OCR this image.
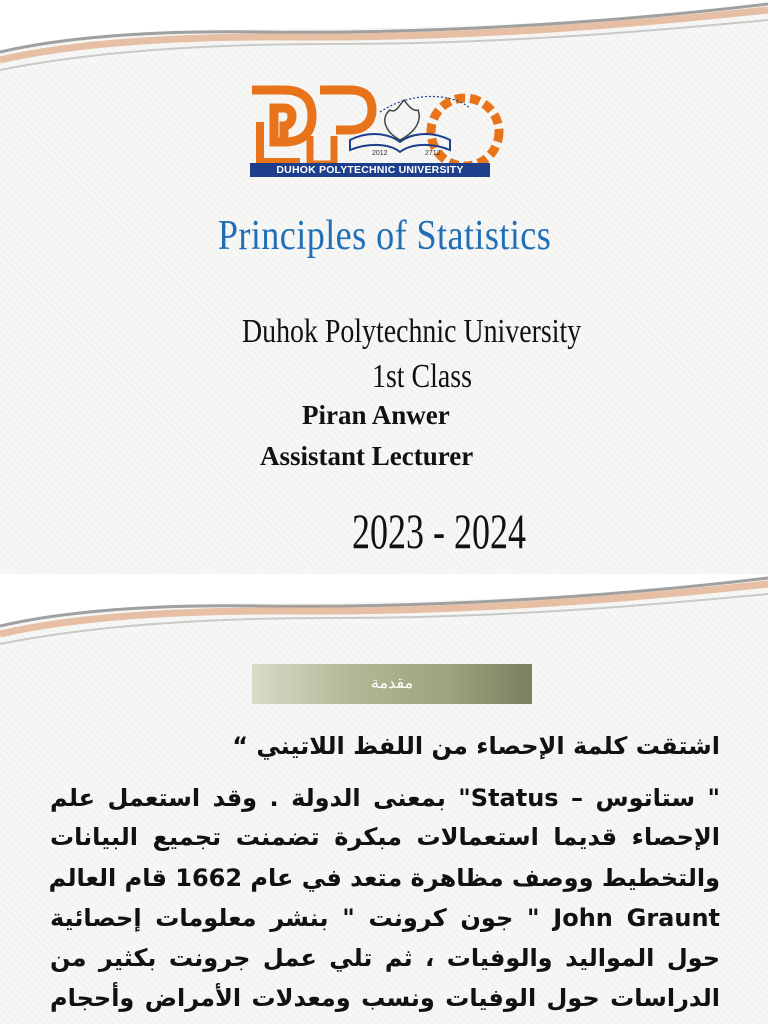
2012	2712
DUHOK POLYTECHNIC UNIVERSITY
Principles of Statistics
Duhok Polytechnic University
1st Class
Piran Anwer
Assistant Lecturer
2023 - 2024
مقدمة
اشتقت كلمة الإحصاء من اللفظ اللاتيني “
" ستاتوس – Status" بمعنى الدولة . وقد استعمل علم
الإحصاء قديما استعمالات مبكرة تضمنت تجميع البيانات
والتخطيط ووصف مظاهرة متعد في عام 1662 قام العالم
John Graunt " جون كرونت " بنشر معلومات إحصائية
حول المواليد والوفيات ، ثم تلي عمل جرونت بكثير من
الدراسات حول الوفيات ونسب ومعدلات الأمراض وأحجام
